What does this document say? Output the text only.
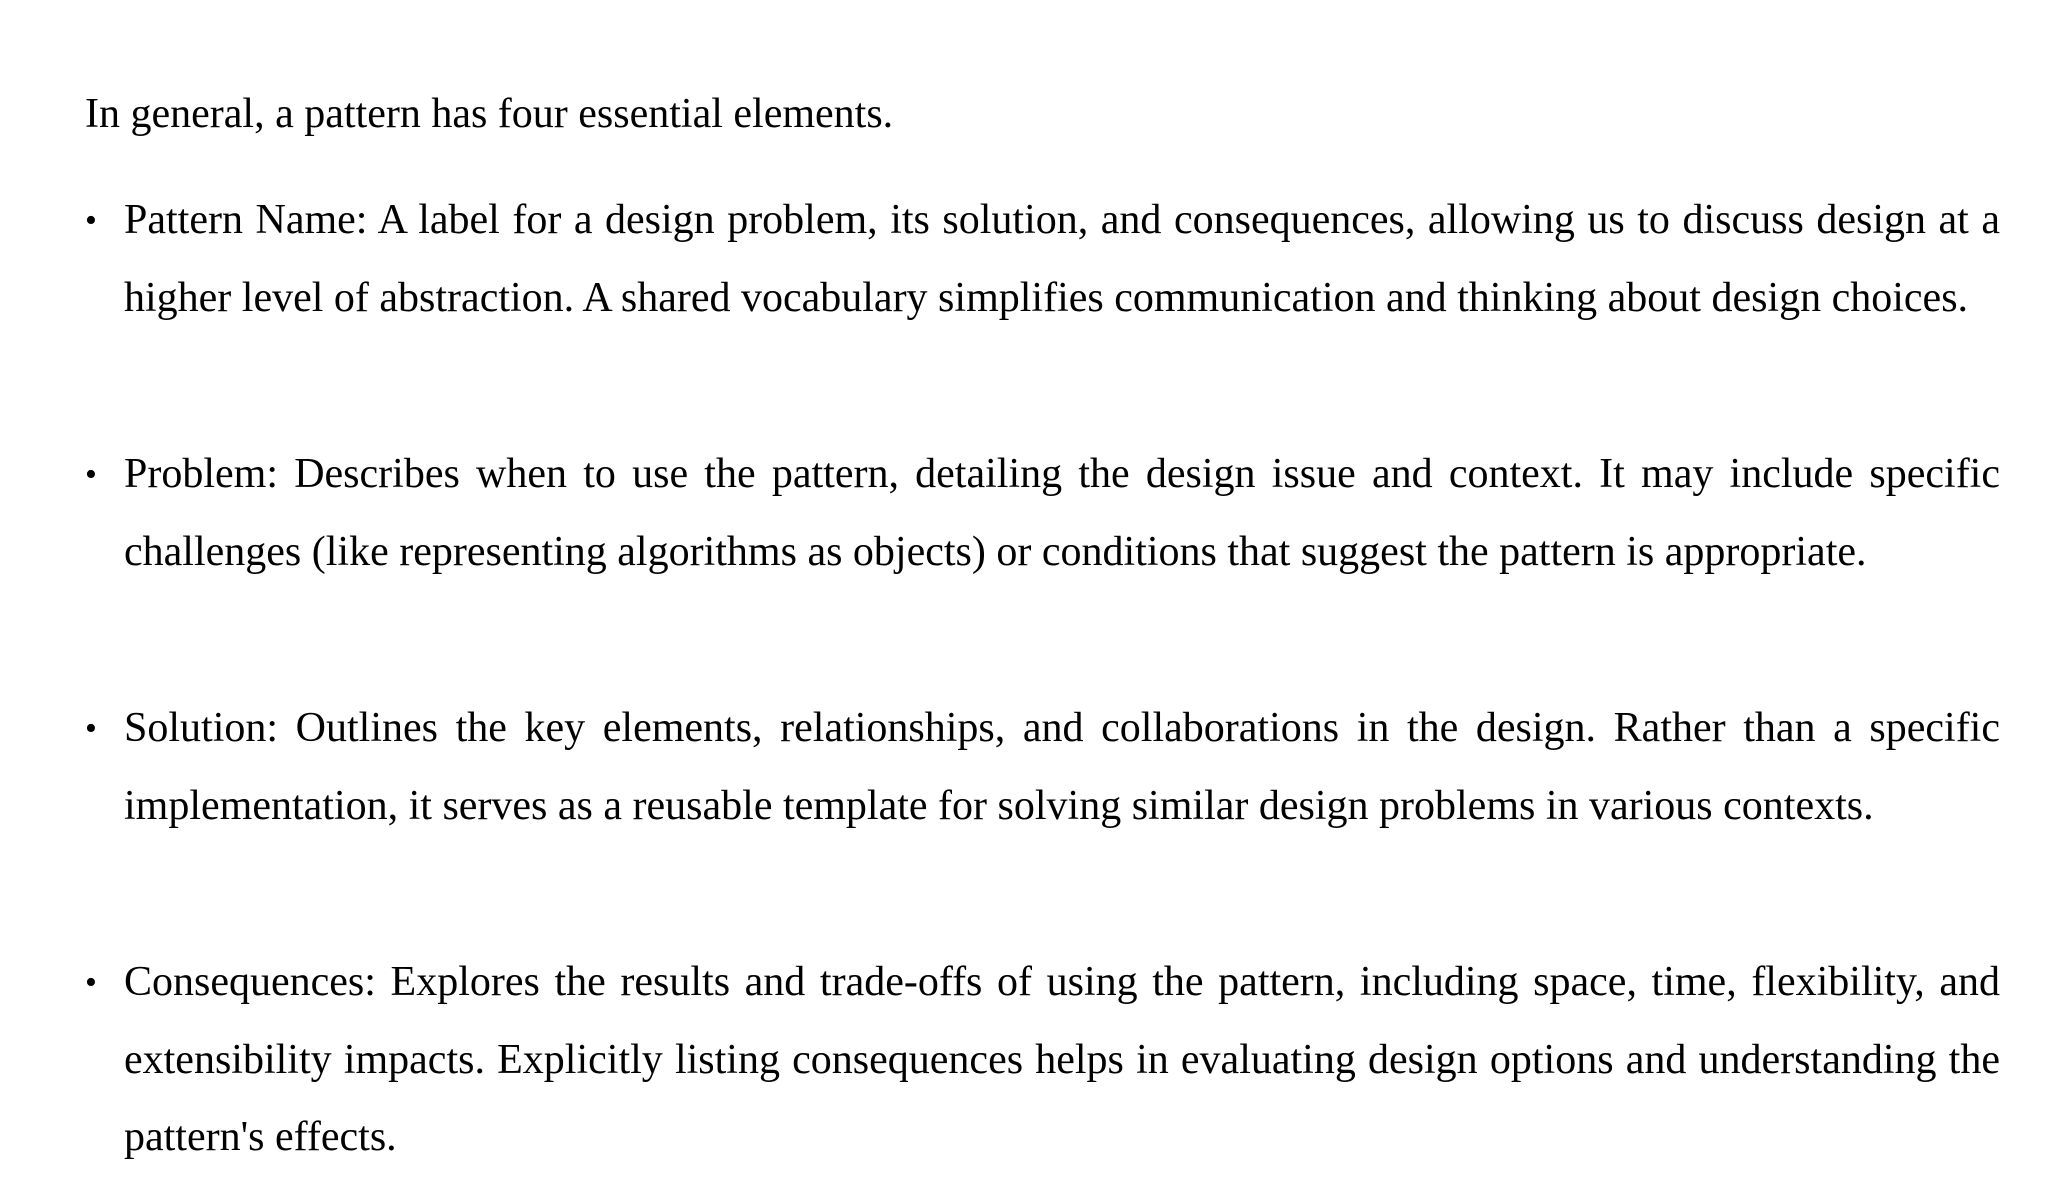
In general, a pattern has four essential elements.

• Pattern Name: A label for a design problem, its solution, and consequences, allowing us to discuss design at a higher level of abstraction. A shared vocabulary simplifies communication and thinking about design choices.
• Problem: Describes when to use the pattern, detailing the design issue and context. It may include specific challenges (like representing algorithms as objects) or conditions that suggest the pattern is appropriate.
• Solution: Outlines the key elements, relationships, and collaborations in the design. Rather than a specific implementation, it serves as a reusable template for solving similar design problems in various contexts.
• Consequences: Explores the results and trade-offs of using the pattern, including space, time, flexibility, and extensibility impacts. Explicitly listing consequences helps in evaluating design options and understanding the pattern's effects.
